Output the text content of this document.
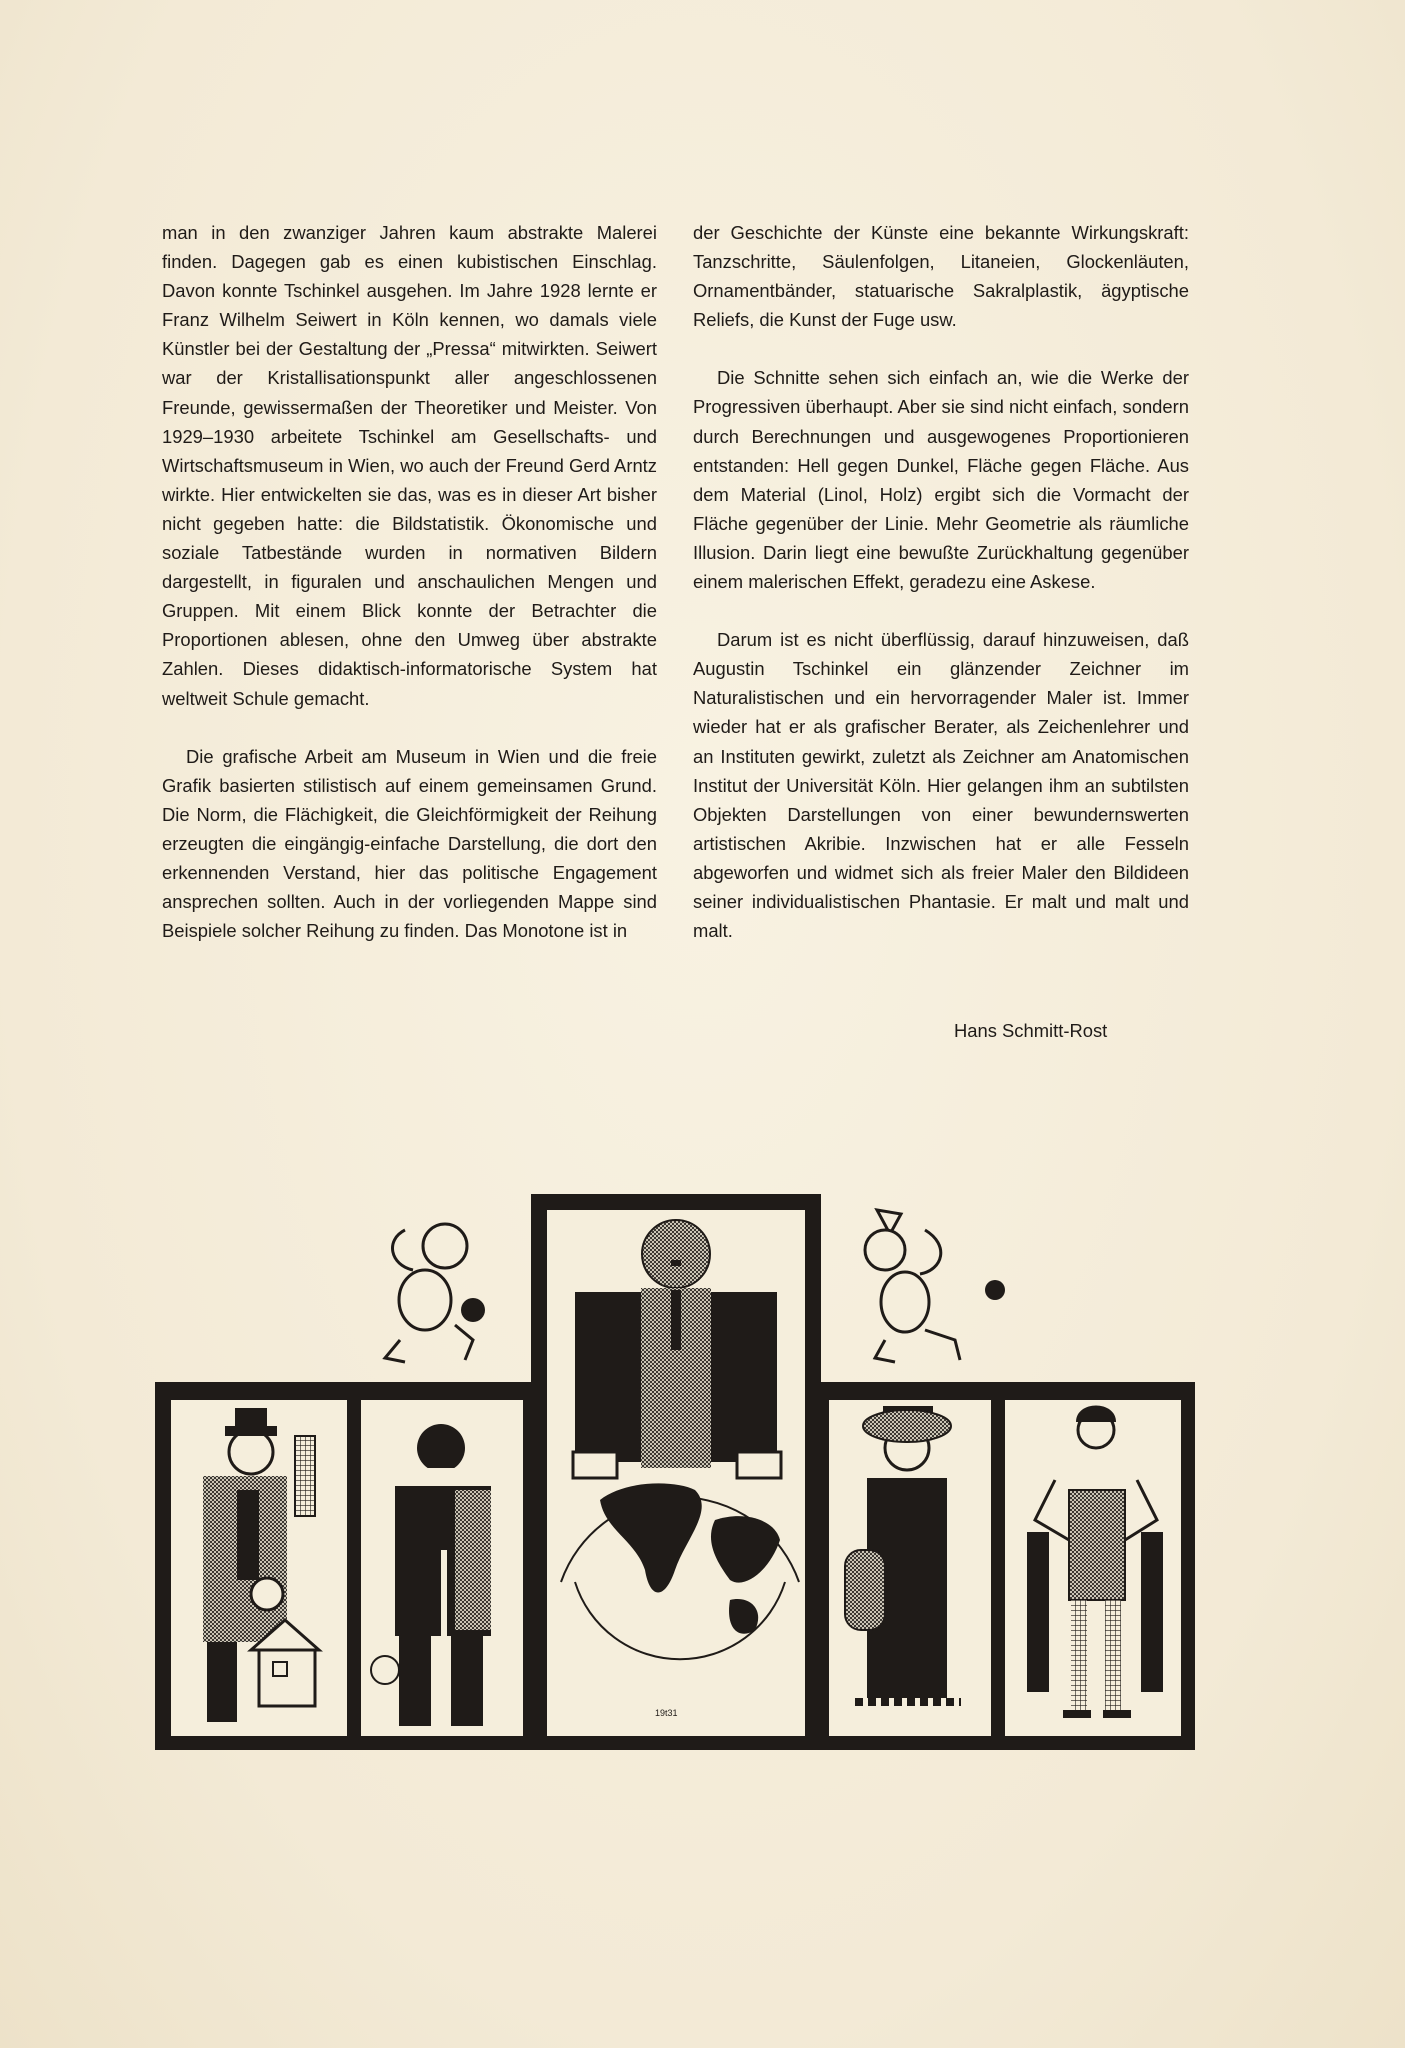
man in den zwanziger Jahren kaum abstrakte Malerei finden. Dagegen gab es einen kubistischen Einschlag. Davon konnte Tschinkel ausgehen. Im Jahre 1928 lernte er Franz Wilhelm Seiwert in Köln kennen, wo damals viele Künstler bei der Gestaltung der „Pressa“ mitwirkten. Seiwert war der Kristallisationspunkt aller angeschlossenen Freunde, gewissermaßen der Theoretiker und Meister. Von 1929–1930 arbeitete Tschinkel am Gesellschafts- und Wirtschaftsmuseum in Wien, wo auch der Freund Gerd Arntz wirkte. Hier entwickelten sie das, was es in dieser Art bisher nicht gegeben hatte: die Bildstatistik. Ökonomische und soziale Tatbestände wurden in normativen Bildern dargestellt, in figuralen und anschaulichen Mengen und Gruppen. Mit einem Blick konnte der Betrachter die Proportionen ablesen, ohne den Umweg über abstrakte Zahlen. Dieses didaktisch-informatorische System hat weltweit Schule gemacht.

Die grafische Arbeit am Museum in Wien und die freie Grafik basierten stilistisch auf einem gemeinsamen Grund. Die Norm, die Flächigkeit, die Gleichförmigkeit der Reihung erzeugten die eingängig-einfache Darstellung, die dort den erkennenden Verstand, hier das politische Engagement ansprechen sollten. Auch in der vorliegenden Mappe sind Beispiele solcher Reihung zu finden. Das Monotone ist in

der Geschichte der Künste eine bekannte Wirkungskraft: Tanzschritte, Säulenfolgen, Litaneien, Glockenläuten, Ornamentbänder, statuarische Sakralplastik, ägyptische Reliefs, die Kunst der Fuge usw.

Die Schnitte sehen sich einfach an, wie die Werke der Progressiven überhaupt. Aber sie sind nicht einfach, sondern durch Berechnungen und ausgewogenes Proportionieren entstanden: Hell gegen Dunkel, Fläche gegen Fläche. Aus dem Material (Linol, Holz) ergibt sich die Vormacht der Fläche gegenüber der Linie. Mehr Geometrie als räumliche Illusion. Darin liegt eine bewußte Zurückhaltung gegenüber einem malerischen Effekt, geradezu eine Askese.

Darum ist es nicht überflüssig, darauf hinzuweisen, daß Augustin Tschinkel ein glänzender Zeichner im Naturalistischen und ein hervorragender Maler ist. Immer wieder hat er als grafischer Berater, als Zeichenlehrer und an Instituten gewirkt, zuletzt als Zeichner am Anatomischen Institut der Universität Köln. Hier gelangen ihm an subtilsten Objekten Darstellungen von einer bewundernswerten artistischen Akribie. Inzwischen hat er alle Fesseln abgeworfen und widmet sich als freier Maler den Bildideen seiner individualistischen Phantasie. Er malt und malt und malt.

Hans Schmitt-Rost
19t31
